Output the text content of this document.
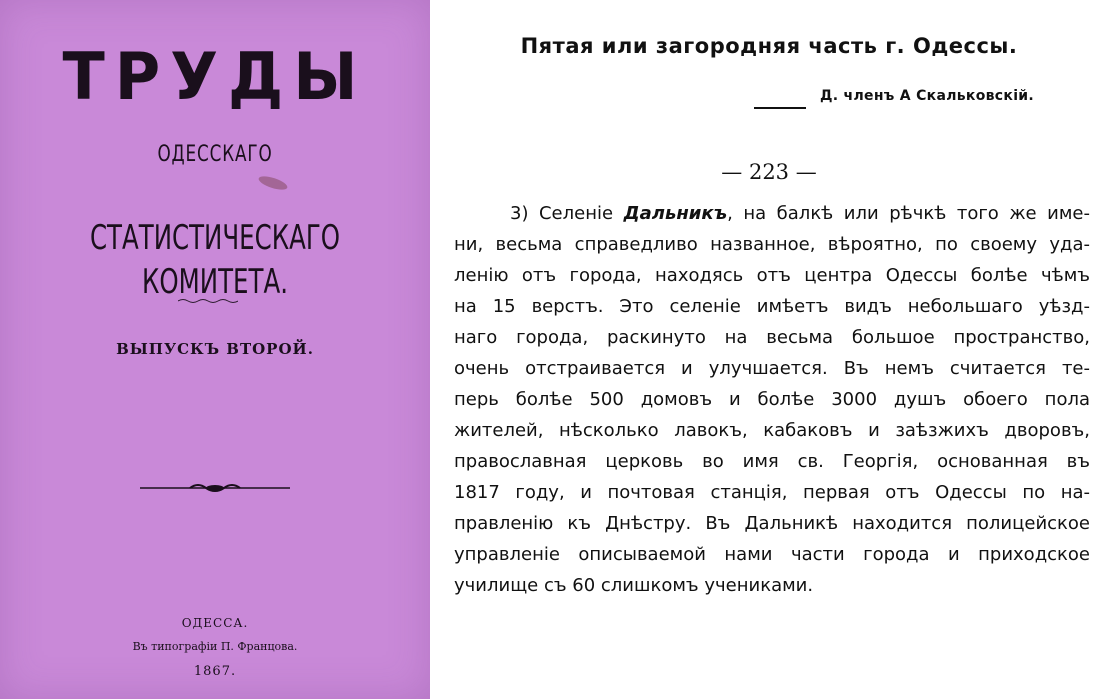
ТРУДЫ
ОДЕССКАГО
СТАТИСТИЧЕСКАГО КОМИТЕТА.
ВЫПУСКЪ ВТОРОЙ.
ОДЕССА.
Въ типографіи П. Францова.
1867.
Пятая или загородняя часть г. Одессы.
Д. членъ А Скальковскій.
— 223 —
3) Селеніе Дальникъ, на балкѣ или рѣчкѣ того же име-
ни, весьма справедливо названное, вѣроятно, по своему уда-
ленію отъ города, находясь отъ центра Одессы болѣе чѣмъ
на 15 верстъ. Это селеніе имѣетъ видъ небольшаго уѣзд-
наго города, раскинуто на весьма большое пространство,
очень отстраивается и улучшается. Въ немъ считается те-
перь болѣе 500 домовъ и болѣе 3000 душъ обоего пола
жителей, нѣсколько лавокъ, кабаковъ и заѣзжихъ дворовъ,
православная церковь во имя св. Георгія, основанная въ
1817 году, и почтовая станція, первая отъ Одессы по на-
правленію къ Днѣстру. Въ Дальникѣ находится полицейское
управленіе описываемой нами части города и приходское
училище съ 60 слишкомъ учениками.
